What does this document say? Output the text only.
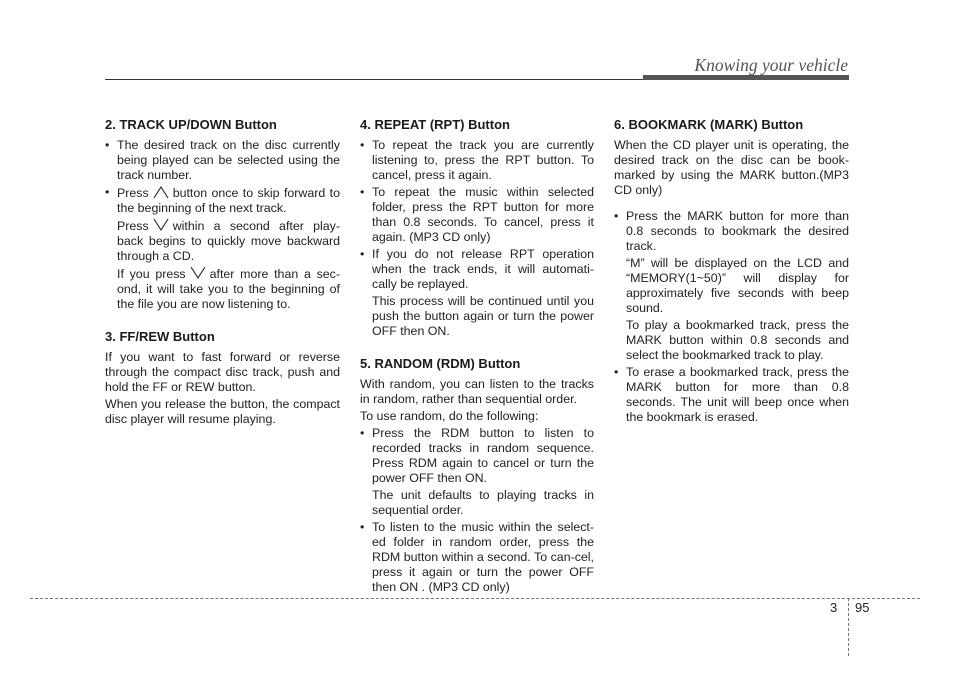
Knowing your vehicle
2. TRACK UP/DOWN Button
• The desired track on the disc currently being played can be selected using the track number.
• Press button once to skip forward to the beginning of the next track.

Press within a second after play-back begins to quickly move backward through a CD.

If you press after more than a sec-ond, it will take you to the beginning of the file you are now listening to.

3. FF/REW Button

If you want to fast forward or reverse through the compact disc track, push and hold the FF or REW button.

When you release the button, the compact disc player will resume playing.

4. REPEAT (RPT) Button
• To repeat the track you are currently listening to, press the RPT button. To cancel, press it again.
• To repeat the music within selected folder, press the RPT button for more than 0.8 seconds. To cancel, press it again. (MP3 CD only)
• If you do not release RPT operation when the track ends, it will automati-cally be replayed.

This process will be continued until you push the button again or turn the power OFF then ON.

5. RANDOM (RDM) Button

With random, you can listen to the tracks in random, rather than sequential order.

To use random, do the following:

• Press the RDM button to listen to recorded tracks in random sequence. Press RDM again to cancel or turn the power OFF then ON.

The unit defaults to playing tracks in sequential order.

• To listen to the music within the select-ed folder in random order, press the RDM button within a second. To can-cel, press it again or turn the power OFF then ON . (MP3 CD only)
6. BOOKMARK (MARK) Button

When the CD player unit is operating, the desired track on the disc can be book-marked by using the MARK button.(MP3 CD only)

• Press the MARK button for more than 0.8 seconds to bookmark the desired track.

“M” will be displayed on the LCD and “MEMORY(1~50)” will display for approximately five seconds with beep sound.

To play a bookmarked track, press the MARK button within 0.8 seconds and select the bookmarked track to play.

• To erase a bookmarked track, press the MARK button for more than 0.8 seconds. The unit will beep once when the bookmark is erased.
3 95
